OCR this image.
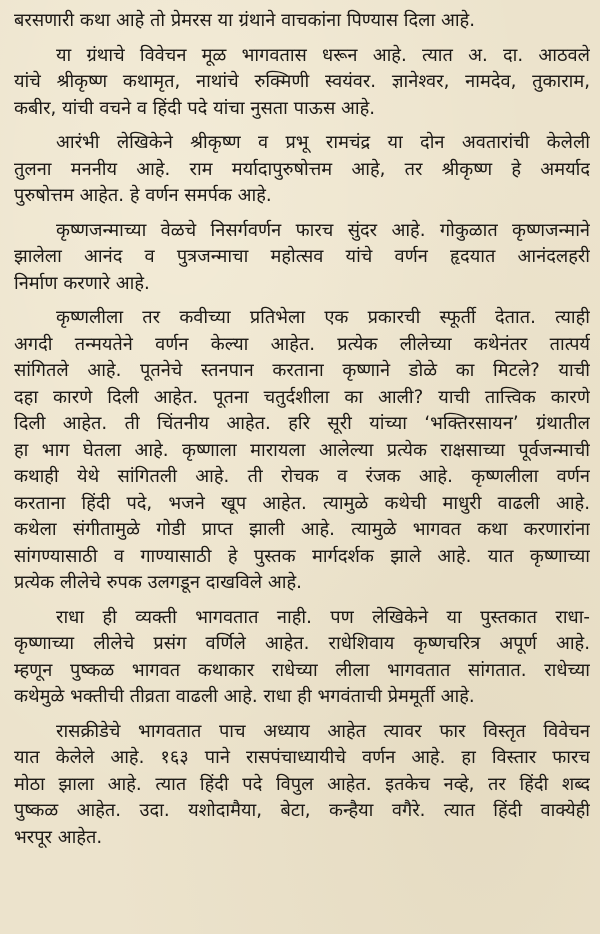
बरसणारी कथा आहे तो प्रेमरस या ग्रंथाने वाचकांना पिण्यास दिला आहे.
या ग्रंथाचे विवेचन मूळ भागवतास धरून आहे. त्यात अ. दा. आठवले
यांचे श्रीकृष्ण कथामृत, नाथांचे रुक्मिणी स्वयंवर. ज्ञानेश्वर, नामदेव, तुकाराम,
कबीर, यांची वचने व हिंदी पदे यांचा नुसता पाऊस आहे.
आरंभी लेखिकेने श्रीकृष्ण व प्रभू रामचंद्र या दोन अवतारांची केलेली
तुलना मननीय आहे. राम मर्यादापुरुषोत्तम आहे, तर श्रीकृष्ण हे अमर्याद
पुरुषोत्तम आहेत. हे वर्णन समर्पक आहे.
कृष्णजन्माच्या वेळचे निसर्गवर्णन फारच सुंदर आहे. गोकुळात कृष्णजन्माने
झालेला आनंद व पुत्रजन्माचा महोत्सव यांचे वर्णन हृदयात आनंदलहरी
निर्माण करणारे आहे.
कृष्णलीला तर कवीच्या प्रतिभेला एक प्रकारची स्फूर्ती देतात. त्याही
अगदी तन्मयतेने वर्णन केल्या आहेत. प्रत्येक लीलेच्या कथेनंतर तात्पर्य
सांगितले आहे. पूतनेचे स्तनपान करताना कृष्णाने डोळे का मिटले? याची
दहा कारणे दिली आहेत. पूतना चतुर्दशीला का आली? याची तात्त्विक कारणे
दिली आहेत. ती चिंतनीय आहेत. हरि सूरी यांच्या ‘भक्तिरसायन’ ग्रंथातील
हा भाग घेतला आहे. कृष्णाला मारायला आलेल्या प्रत्येक राक्षसाच्या पूर्वजन्माची
कथाही येथे सांगितली आहे. ती रोचक व रंजक आहे. कृष्णलीला वर्णन
करताना हिंदी पदे, भजने खूप आहेत. त्यामुळे कथेची माधुरी वाढली आहे.
कथेला संगीतामुळे गोडी प्राप्त झाली आहे. त्यामुळे भागवत कथा करणारांना
सांगण्यासाठी व गाण्यासाठी हे पुस्तक मार्गदर्शक झाले आहे. यात कृष्णाच्या
प्रत्येक लीलेचे रुपक उलगडून दाखविले आहे.
राधा ही व्यक्ती भागवतात नाही. पण लेखिकेने या पुस्तकात राधा-
कृष्णाच्या लीलेचे प्रसंग वर्णिले आहेत. राधेशिवाय कृष्णचरित्र अपूर्ण आहे.
म्हणून पुष्कळ भागवत कथाकार राधेच्या लीला भागवतात सांगतात. राधेच्या
कथेमुळे भक्तीची तीव्रता वाढली आहे. राधा ही भगवंताची प्रेममूर्ती आहे.
रासक्रीडेचे भागवतात पाच अध्याय आहेत त्यावर फार विस्तृत विवेचन
यात केलेले आहे. १६३ पाने रासपंचाध्यायीचे वर्णन आहे. हा विस्तार फारच
मोठा झाला आहे. त्यात हिंदी पदे विपुल आहेत. इतकेच नव्हे, तर हिंदी शब्द
पुष्कळ आहेत. उदा. यशोदामैया, बेटा, कन्हैया वगैरे. त्यात हिंदी वाक्येही
भरपूर आहेत.
